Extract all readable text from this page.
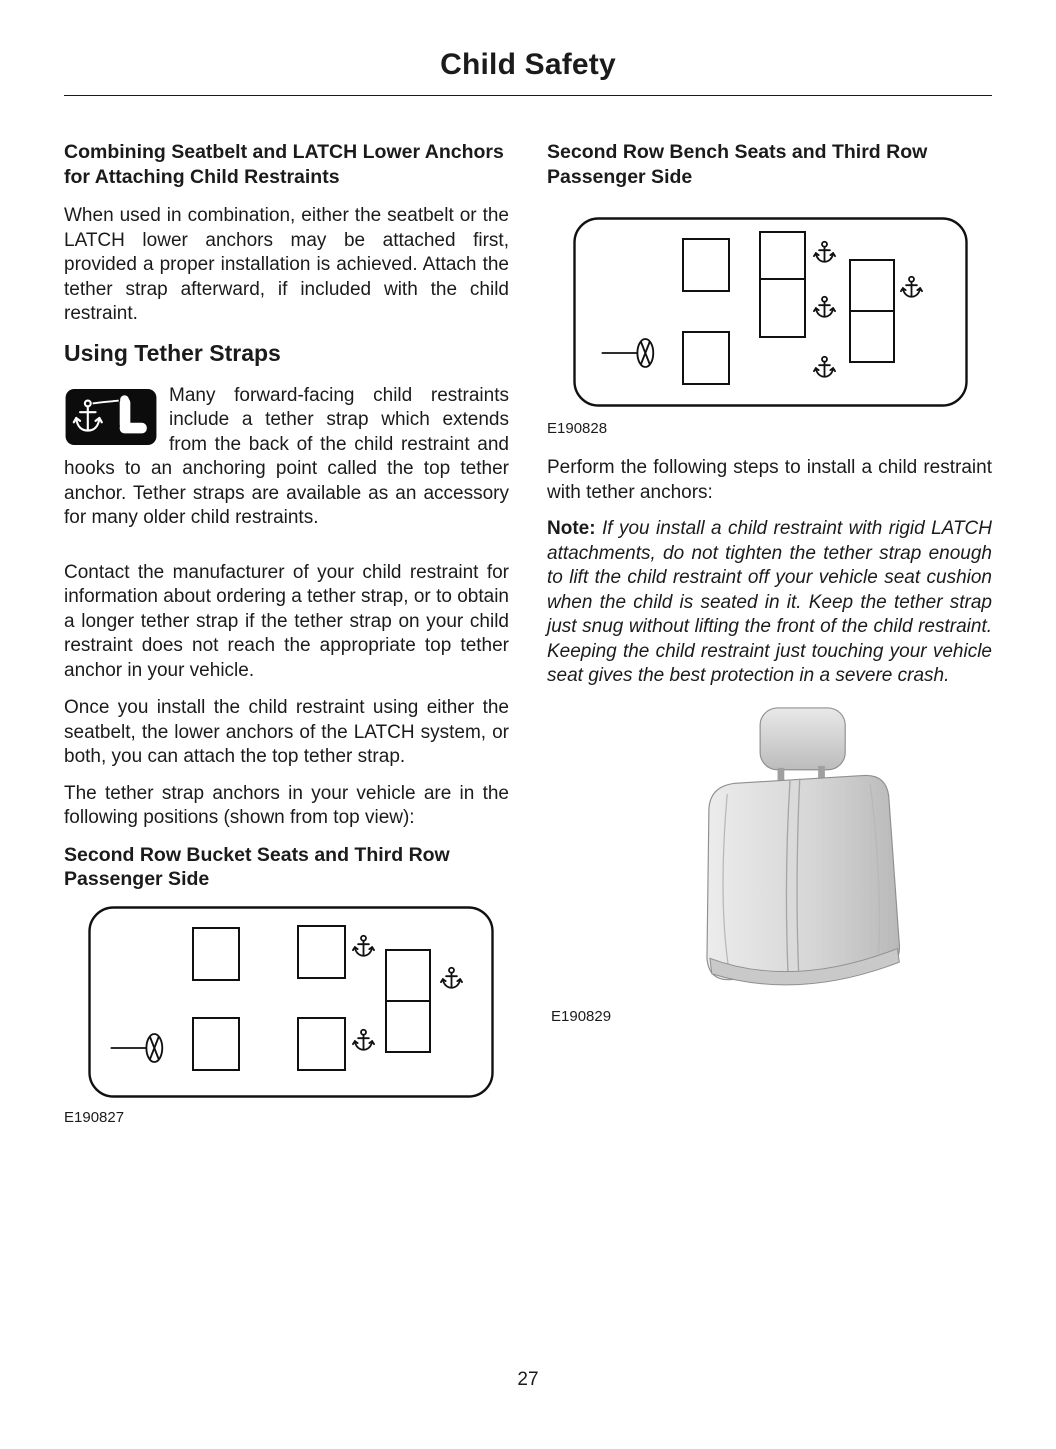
Child Safety
Combining Seatbelt and LATCH Lower Anchors for Attaching Child Restraints

When used in combination, either the seatbelt or the LATCH lower anchors may be attached first, provided a proper installation is achieved. Attach the tether strap afterward, if included with the child restraint.

Using Tether Straps

Many forward-facing child restraints include a tether strap which extends from the back of the child restraint and hooks to an anchoring point called the top tether anchor. Tether straps are available as an accessory for many older child restraints.

Contact the manufacturer of your child restraint for information about ordering a tether strap, or to obtain a longer tether strap if the tether strap on your child restraint does not reach the appropriate top tether anchor in your vehicle.

Once you install the child restraint using either the seatbelt, the lower anchors of the LATCH system, or both, you can attach the top tether strap.

The tether strap anchors in your vehicle are in the following positions (shown from top view):

Second Row Bucket Seats and Third Row Passenger Side
E190827
Second Row Bench Seats and Third Row Passenger Side
E190828

Perform the following steps to install a child restraint with tether anchors:

Note: If you install a child restraint with rigid LATCH attachments, do not tighten the tether strap enough to lift the child restraint off your vehicle seat cushion when the child is seated in it. Keep the tether strap just snug without lifting the front of the child restraint. Keeping the child restraint just touching your vehicle seat gives the best protection in a severe crash.

E190829
27
